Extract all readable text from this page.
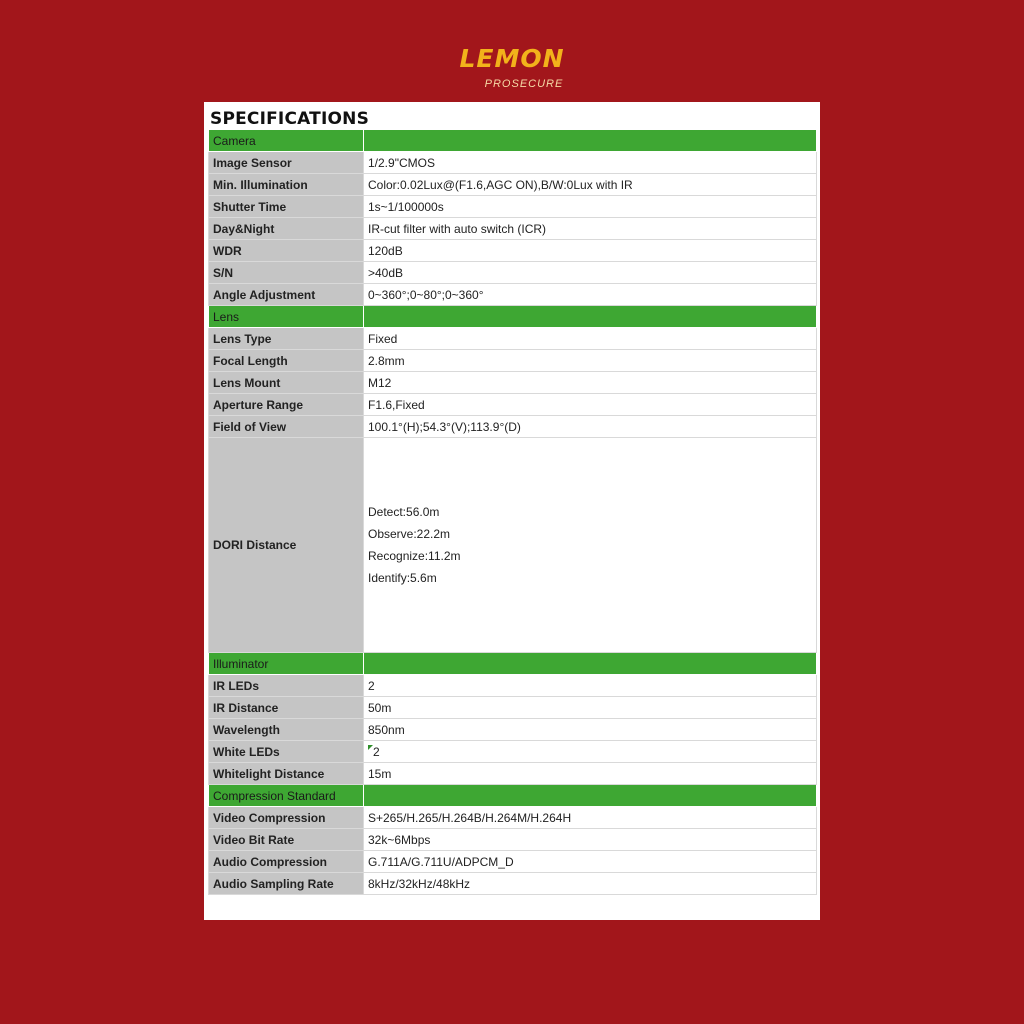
LEMON
PROSECURE
SPECIFICATIONS
Camera	
Image Sensor	1/2.9"CMOS
Min. Illumination	Color:0.02Lux@(F1.6,AGC ON),B/W:0Lux with IR
Shutter Time	1s~1/100000s
Day&Night	IR-cut filter with auto switch (ICR)
WDR	120dB
S/N	>40dB
Angle Adjustment	0~360°;0~80°;0~360°
Lens	
Lens Type	Fixed
Focal Length	2.8mm
Lens Mount	M12
Aperture Range	F1.6,Fixed
Field of View	100.1°(H);54.3°(V);113.9°(D)
DORI Distance	Detect:56.0m
Observe:22.2m
Recognize:11.2m
Identify:5.6m

Illuminator	
IR LEDs	2
IR Distance	50m
Wavelength	850nm
White LEDs	2
Whitelight Distance	15m
Compression Standard	
Video Compression	S+265/H.265/H.264B/H.264M/H.264H
Video Bit Rate	32k~6Mbps
Audio Compression	G.711A/G.711U/ADPCM_D
Audio Sampling Rate	8kHz/32kHz/48kHz
